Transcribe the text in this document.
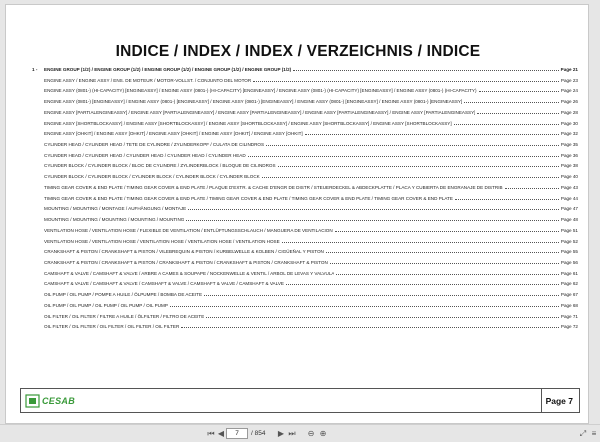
INDICE / INDEX / INDEX / VERZEICHNIS / INDICE
1 -	ENGINE GROUP (1/2) / ENGINE GROUP (1/2) / ENGINE GROUP (1/2) / ENGINE GROUP (1/2) / ENGINE GROUP (1/2)	Page 21
ENGINE ASSY / ENGINE ASSY / ENS. DE MOTEUR / MOTOR-VOLLST. / CONJUNTO DEL MOTOR	Page 23
ENGINE ASSY (0801-) (HI-CAPACITY) [ENGINEASSY] / ENGINE ASSY (0801-) (HI-CAPACITY) [ENGINEASSY] / ENGINE ASSY (0801-) (HI-CAPACITY) [ENGINEASSY] / ENGINE ASSY (0801-) (HI-CAPACITY)	Page 24
ENGINE ASSY (0801-) [ENGINEASSY] / ENGINE ASSY (0801-) [ENGINEASSY] / ENGINE ASSY (0801-) [ENGINEASSY] / ENGINE ASSY (0801-) [ENGINEASSY] / ENGINE ASSY (0801-) [ENGINEASSY]	Page 26
ENGINE ASSY [PARTIALENGINEASSY] / ENGINE ASSY [PARTIALENGINEASSY] / ENGINE ASSY [PARTIALENGINEASSY] / ENGINE ASSY [PARTIALENGINEASSY] / ENGINE ASSY [PARTIALENGINEASSY]	Page 28
ENGINE ASSY [SHORTBLOCKASSY] / ENGINE ASSY [SHORTBLOCKASSY] / ENGINE ASSY [SHORTBLOCKASSY] / ENGINE ASSY [SHORTBLOCKASSY] / ENGINE ASSY [SHORTBLOCKASSY]	Page 30
ENGINE ASSY [OHKIT] / ENGINE ASSY [OHKIT] / ENGINE ASSY [OHKIT] / ENGINE ASSY [OHKIT] / ENGINE ASSY [OHKIT]	Page 32
CYLINDER HEAD / CYLINDER HEAD / TETE DE CYLINDRE / ZYLINDERKOPF / CULATA DE CILINDROS	Page 35
CYLINDER HEAD / CYLINDER HEAD / CYLINDER HEAD / CYLINDER HEAD / CYLINDER HEAD	Page 36
CYLINDER BLOCK / CYLINDER BLOCK / BLOC DE CYLINDRE / ZYLINDERBLOCK / BLOQUE DE CILINDROS	Page 38
CYLINDER BLOCK / CYLINDER BLOCK / CYLINDER BLOCK / CYLINDER BLOCK / CYLINDER BLOCK	Page 40
TIMING GEAR COVER & END PLATE / TIMING GEAR COVER & END PLATE / PLAQUE D'EXTR. & CACHE D'ENGR DE DISTR / STEUERDECKEL & ABDECKPLATTE / PLACA Y CUBIERTA DE ENGRANAJE DE DISTRIB	Page 43
TIMING GEAR COVER & END PLATE / TIMING GEAR COVER & END PLATE / TIMING GEAR COVER & END PLATE / TIMING GEAR COVER & END PLATE / TIMING GEAR COVER & END PLATE	Page 44
MOUNTING / MOUNTING / MONTAGE / AUFHÄNGUNG / MONTAJE	Page 47
MOUNTING / MOUNTING / MOUNTING / MOUNTING / MOUNTING	Page 48
VENTILATION HOSE / VENTILATION HOSE / FLEXIBLE DE VENTILATION / ENTLÜFTUNGSSCHLAUCH / MANGUERA DE VENTILACION	Page 51
VENTILATION HOSE / VENTILATION HOSE / VENTILATION HOSE / VENTILATION HOSE / VENTILATION HOSE	Page 52
CRANKSHAFT & PISTON / CRANKSHAFT & PISTON / VILEBREQUIN & PISTON / KURBELWELLE & KOLBEN / CIGÜEÑAL Y PISTON	Page 55
CRANKSHAFT & PISTON / CRANKSHAFT & PISTON / CRANKSHAFT & PISTON / CRANKSHAFT & PISTON / CRANKSHAFT & PISTON	Page 56
CAMSHAFT & VALVE / CAMSHAFT & VALVE / ARBRE A CAMES & SOUPAPE / NOCKENWELLE & VENTIL / ARBOL DE LEVAS Y VALVULA	Page 61
CAMSHAFT & VALVE / CAMSHAFT & VALVE / CAMSHAFT & VALVE / CAMSHAFT & VALVE / CAMSHAFT & VALVE	Page 62
OIL PUMP / OIL PUMP / POMPE A HUILE / ÖLPUMPE / BOMBA DE ACEITE	Page 67
OIL PUMP / OIL PUMP / OIL PUMP / OIL PUMP / OIL PUMP	Page 68
OIL FILTER / OIL FILTER / FILTRE A HUILE / ÖLFILTER / FILTRO DE ACEITE	Page 71
OIL FILTER / OIL FILTER / OIL FILTER / OIL FILTER / OIL FILTER	Page 72
CESAB	Page 7
⏮ ◀	7	/ 854 ▶ ⏭ ⊖ ⊕	⤢ ≡
